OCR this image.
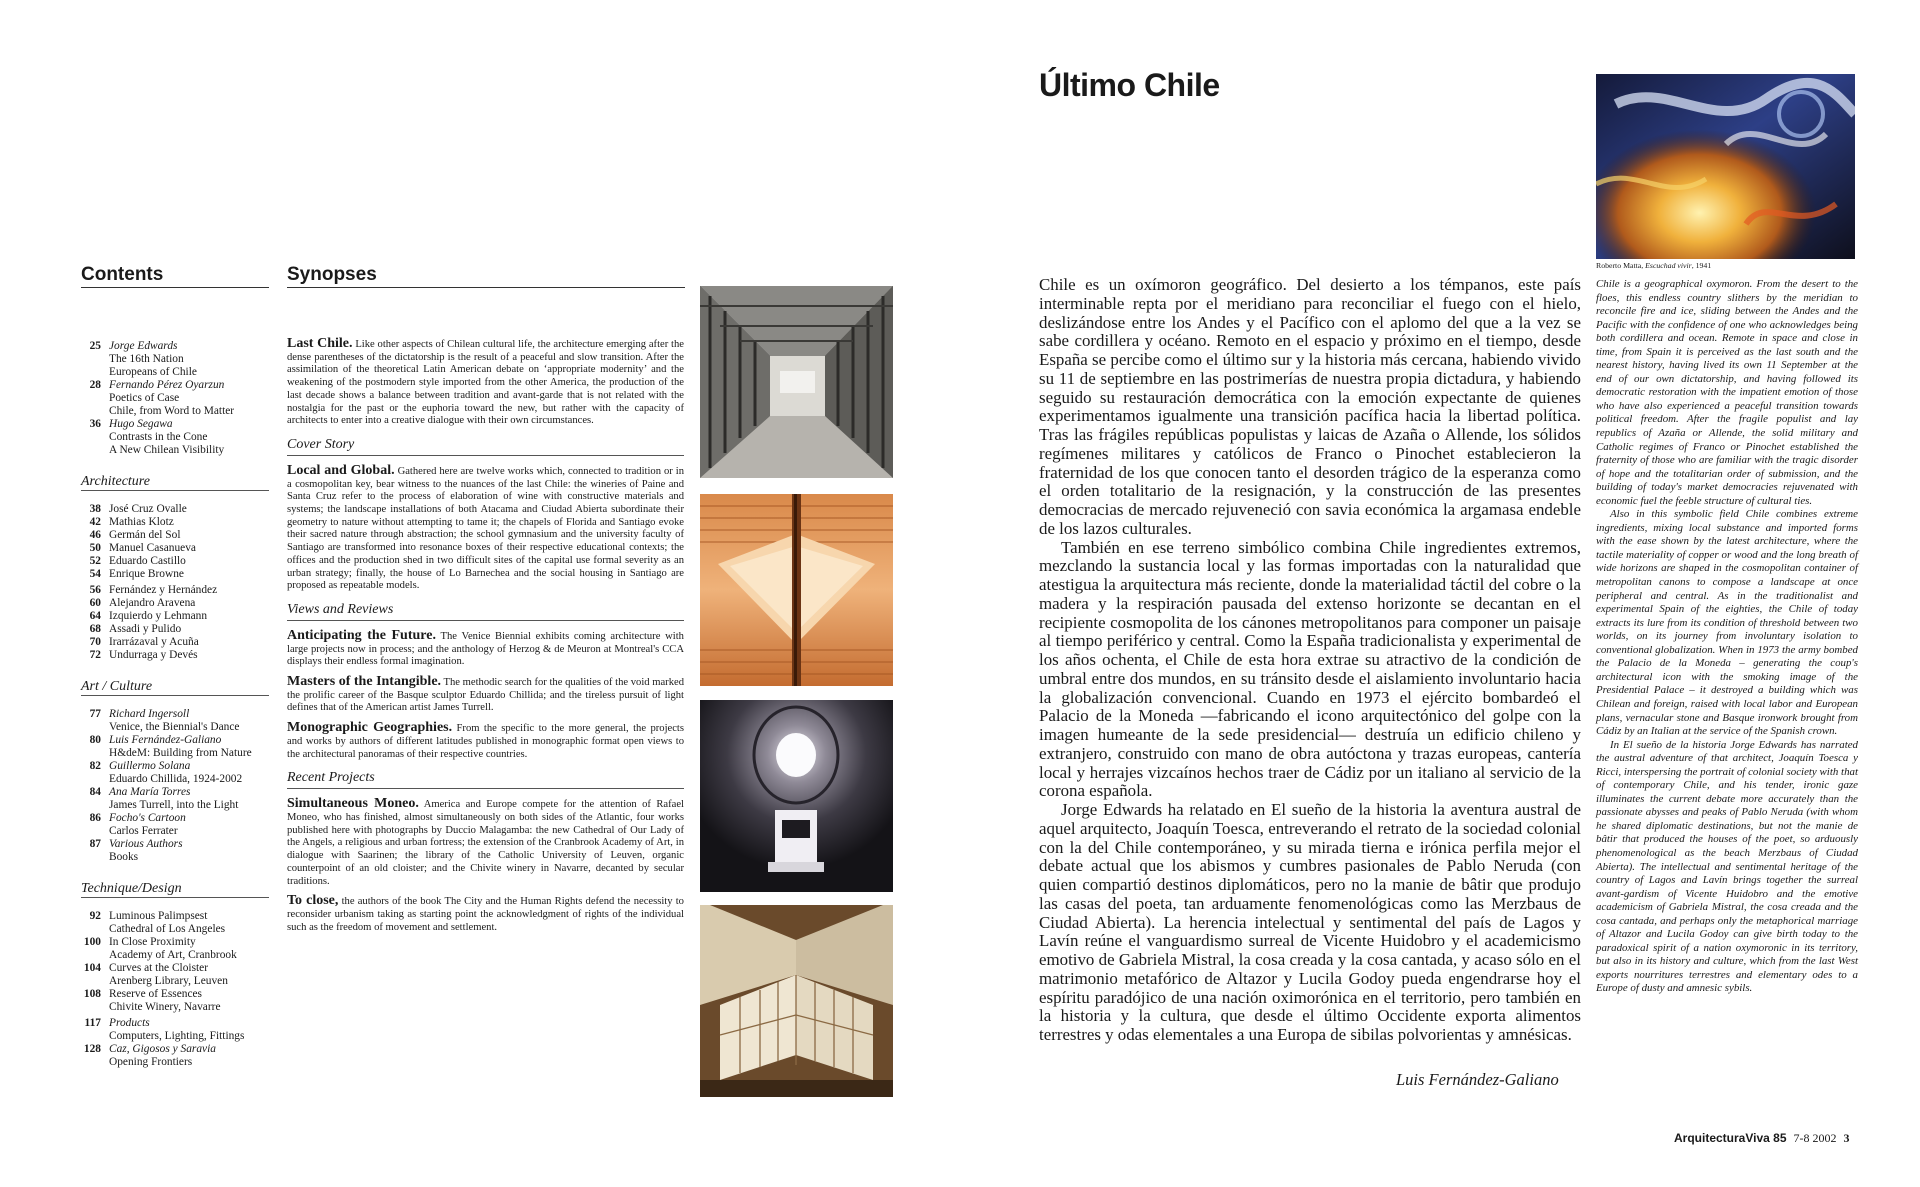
Contents	Synopses
25 Jorge Edwards
The 16th Nation
Europeans of Chile
28 Fernando Pérez Oyarzun
Poetics of Case
Chile, from Word to Matter
36 Hugo Segawa
Contrasts in the Cone
A New Chilean Visibility
Architecture
38 José Cruz Ovalle
42 Mathias Klotz
46 Germán del Sol
50 Manuel Casanueva
52 Eduardo Castillo
54 Enrique Browne
56 Fernández y Hernández
60 Alejandro Aravena
64 Izquierdo y Lehmann
68 Assadi y Pulido
70 Irarrázaval y Acuña
72 Undurraga y Devés
Art / Culture
77 Richard Ingersoll
Venice, the Biennial's Dance
80 Luis Fernández-Galiano
H&deM: Building from Nature
82 Guillermo Solana
Eduardo Chillida, 1924-2002
84 Ana María Torres
James Turrell, into the Light
86 Focho's Cartoon
Carlos Ferrater
87 Various Authors
Books
Technique/Design
92 Luminous Palimpsest
Cathedral of Los Angeles
100 In Close Proximity
Academy of Art, Cranbrook
104 Curves at the Cloister
Arenberg Library, Leuven
108 Reserve of Essences
Chivite Winery, Navarre
117 Products
Computers, Lighting, Fittings
128 Caz, Gigosos y Saravia
Opening Frontiers

Last Chile. Like other aspects of Chilean cultural life, the architecture emerging after the dense parentheses of the dictatorship is the result of a peaceful and slow transition. After the assimilation of the theoretical Latin American debate on ‘appropriate modernity’ and the weakening of the postmodern style imported from the other America, the production of the last decade shows a balance between tradition and avant-garde that is not related with the nostalgia for the past or the euphoria toward the new, but rather with the capacity of architects to enter into a creative dialogue with their own circumstances.

Cover Story

Local and Global. Gathered here are twelve works which, connected to tradition or in a cosmopolitan key, bear witness to the nuances of the last Chile: the wineries of Paine and Santa Cruz refer to the process of elaboration of wine with constructive materials and systems; the landscape installations of both Atacama and Ciudad Abierta subordinate their geometry to nature without attempting to tame it; the chapels of Florida and Santiago evoke their sacred nature through abstraction; the school gymnasium and the university faculty of Santiago are transformed into resonance boxes of their respective educational contexts; the offices and the production shed in two difficult sites of the capital use formal severity as an urban strategy; finally, the house of Lo Barnechea and the social housing in Santiago are proposed as repeatable models.

Views and Reviews

Anticipating the Future. The Venice Biennial exhibits coming architecture with large projects now in process; and the anthology of Herzog & de Meuron at Montreal's CCA displays their endless formal imagination.

Masters of the Intangible. The methodic search for the qualities of the void marked the prolific career of the Basque sculptor Eduardo Chillida; and the tireless pursuit of light defines that of the American artist James Turrell.

Monographic Geographies. From the specific to the more general, the projects and works by authors of different latitudes published in monographic format open views to the architectural panoramas of their respective countries.

Recent Projects

Simultaneous Moneo. America and Europe compete for the attention of Rafael Moneo, who has finished, almost simultaneously on both sides of the Atlantic, four works published here with photographs by Duccio Malagamba: the new Cathedral of Our Lady of the Angels, a religious and urban fortress; the extension of the Cranbrook Academy of Art, in dialogue with Saarinen; the library of the Catholic University of Leuven, organic counterpoint of an old cloister; and the Chivite winery in Navarre, decanted by secular traditions.

To close, the authors of the book The City and the Human Rights defend the necessity to reconsider urbanism taking as starting point the acknowledgment of rights of the individual such as the freedom of movement and settlement.

Último Chile
Roberto Matta, Escuchad vivir, 1941

Chile es un oxímoron geográfico. Del desierto a los témpanos, este país interminable repta por el meridiano para reconciliar el fuego con el hielo, deslizándose entre los Andes y el Pacífico con el aplomo del que a la vez se sabe cordillera y océano. Remoto en el espacio y próximo en el tiempo, desde España se percibe como el último sur y la historia más cercana, habiendo vivido su 11 de septiembre en las postrimerías de nuestra propia dictadura, y habiendo seguido su restauración democrática con la emoción expectante de quienes experimentamos igualmente una transición pacífica hacia la libertad política. Tras las frágiles repúblicas populistas y laicas de Azaña o Allende, los sólidos regímenes militares y católicos de Franco o Pinochet establecieron la fraternidad de los que conocen tanto el desorden trágico de la esperanza como el orden totalitario de la resignación, y la construcción de las presentes democracias de mercado rejuveneció con savia económica la argamasa endeble de los lazos culturales.

También en ese terreno simbólico combina Chile ingredientes extremos, mezclando la sustancia local y las formas importadas con la naturalidad que atestigua la arquitectura más reciente, donde la materialidad táctil del cobre o la madera y la respiración pausada del extenso horizonte se decantan en el recipiente cosmopolita de los cánones metropolitanos para componer un paisaje al tiempo periférico y central. Como la España tradicionalista y experimental de los años ochenta, el Chile de esta hora extrae su atractivo de la condición de umbral entre dos mundos, en su tránsito desde el aislamiento involuntario hacia la globalización convencional. Cuando en 1973 el ejército bombardeó el Palacio de la Moneda —fabricando el icono arquitectónico del golpe con la imagen humeante de la sede presidencial— destruía un edificio chileno y extranjero, construido con mano de obra autóctona y trazas europeas, cantería local y herrajes vizcaínos hechos traer de Cádiz por un italiano al servicio de la corona española.

Jorge Edwards ha relatado en El sueño de la historia la aventura austral de aquel arquitecto, Joaquín Toesca, entreverando el retrato de la sociedad colonial con la del Chile contemporáneo, y su mirada tierna e irónica perfila mejor el debate actual que los abismos y cumbres pasionales de Pablo Neruda (con quien compartió destinos diplomáticos, pero no la manie de bâtir que produjo las casas del poeta, tan arduamente fenomenológicas como las Merzbaus de Ciudad Abierta). La herencia intelectual y sentimental del país de Lagos y Lavín reúne el vanguardismo surreal de Vicente Huidobro y el academicismo emotivo de Gabriela Mistral, la cosa creada y la cosa cantada, y acaso sólo en el matrimonio metafórico de Altazor y Lucila Godoy pueda engendrarse hoy el espíritu paradójico de una nación oximorónica en el territorio, pero también en la historia y la cultura, que desde el último Occidente exporta alimentos terrestres y odas elementales a una Europa de sibilas polvorientas y amnésicas.

Luis Fernández-Galiano

Chile is a geographical oxymoron. From the desert to the floes, this endless country slithers by the meridian to reconcile fire and ice, sliding between the Andes and the Pacific with the confidence of one who acknowledges being both cordillera and ocean. Remote in space and close in time, from Spain it is perceived as the last south and the nearest history, having lived its own 11 September at the end of our own dictatorship, and having followed its democratic restoration with the impatient emotion of those who have also experienced a peaceful transition towards political freedom. After the fragile populist and lay republics of Azaña or Allende, the solid military and Catholic regimes of Franco or Pinochet established the fraternity of those who are familiar with the tragic disorder of hope and the totalitarian order of submission, and the building of today's market democracies rejuvenated with economic fuel the feeble structure of cultural ties.

Also in this symbolic field Chile combines extreme ingredients, mixing local substance and imported forms with the ease shown by the latest architecture, where the tactile materiality of copper or wood and the long breath of wide horizons are shaped in the cosmopolitan container of metropolitan canons to compose a landscape at once peripheral and central. As in the traditionalist and experimental Spain of the eighties, the Chile of today extracts its lure from its condition of threshold between two worlds, on its journey from involuntary isolation to conventional globalization. When in 1973 the army bombed the Palacio de la Moneda – generating the coup's architectural icon with the smoking image of the Presidential Palace – it destroyed a building which was Chilean and foreign, raised with local labor and European plans, vernacular stone and Basque ironwork brought from Cádiz by an Italian at the service of the Spanish crown.

In El sueño de la historia Jorge Edwards has narrated the austral adventure of that architect, Joaquín Toesca y Ricci, interspersing the portrait of colonial society with that of contemporary Chile, and his tender, ironic gaze illuminates the current debate more accurately than the passionate abysses and peaks of Pablo Neruda (with whom he shared diplomatic destinations, but not the manie de bâtir that produced the houses of the poet, so arduously phenomenological as the beach Merzbaus of Ciudad Abierta). The intellectual and sentimental heritage of the country of Lagos and Lavín brings together the surreal avant-gardism of Vicente Huidobro and the emotive academicism of Gabriela Mistral, the cosa creada and the cosa cantada, and perhaps only the metaphorical marriage of Altazor and Lucila Godoy can give birth today to the paradoxical spirit of a nation oxymoronic in its territory, but also in its history and culture, which from the last West exports nourritures terrestres and elementary odes to a Europe of dusty and amnesic sybils.

ArquitecturaViva 85 7-8 2002 3
